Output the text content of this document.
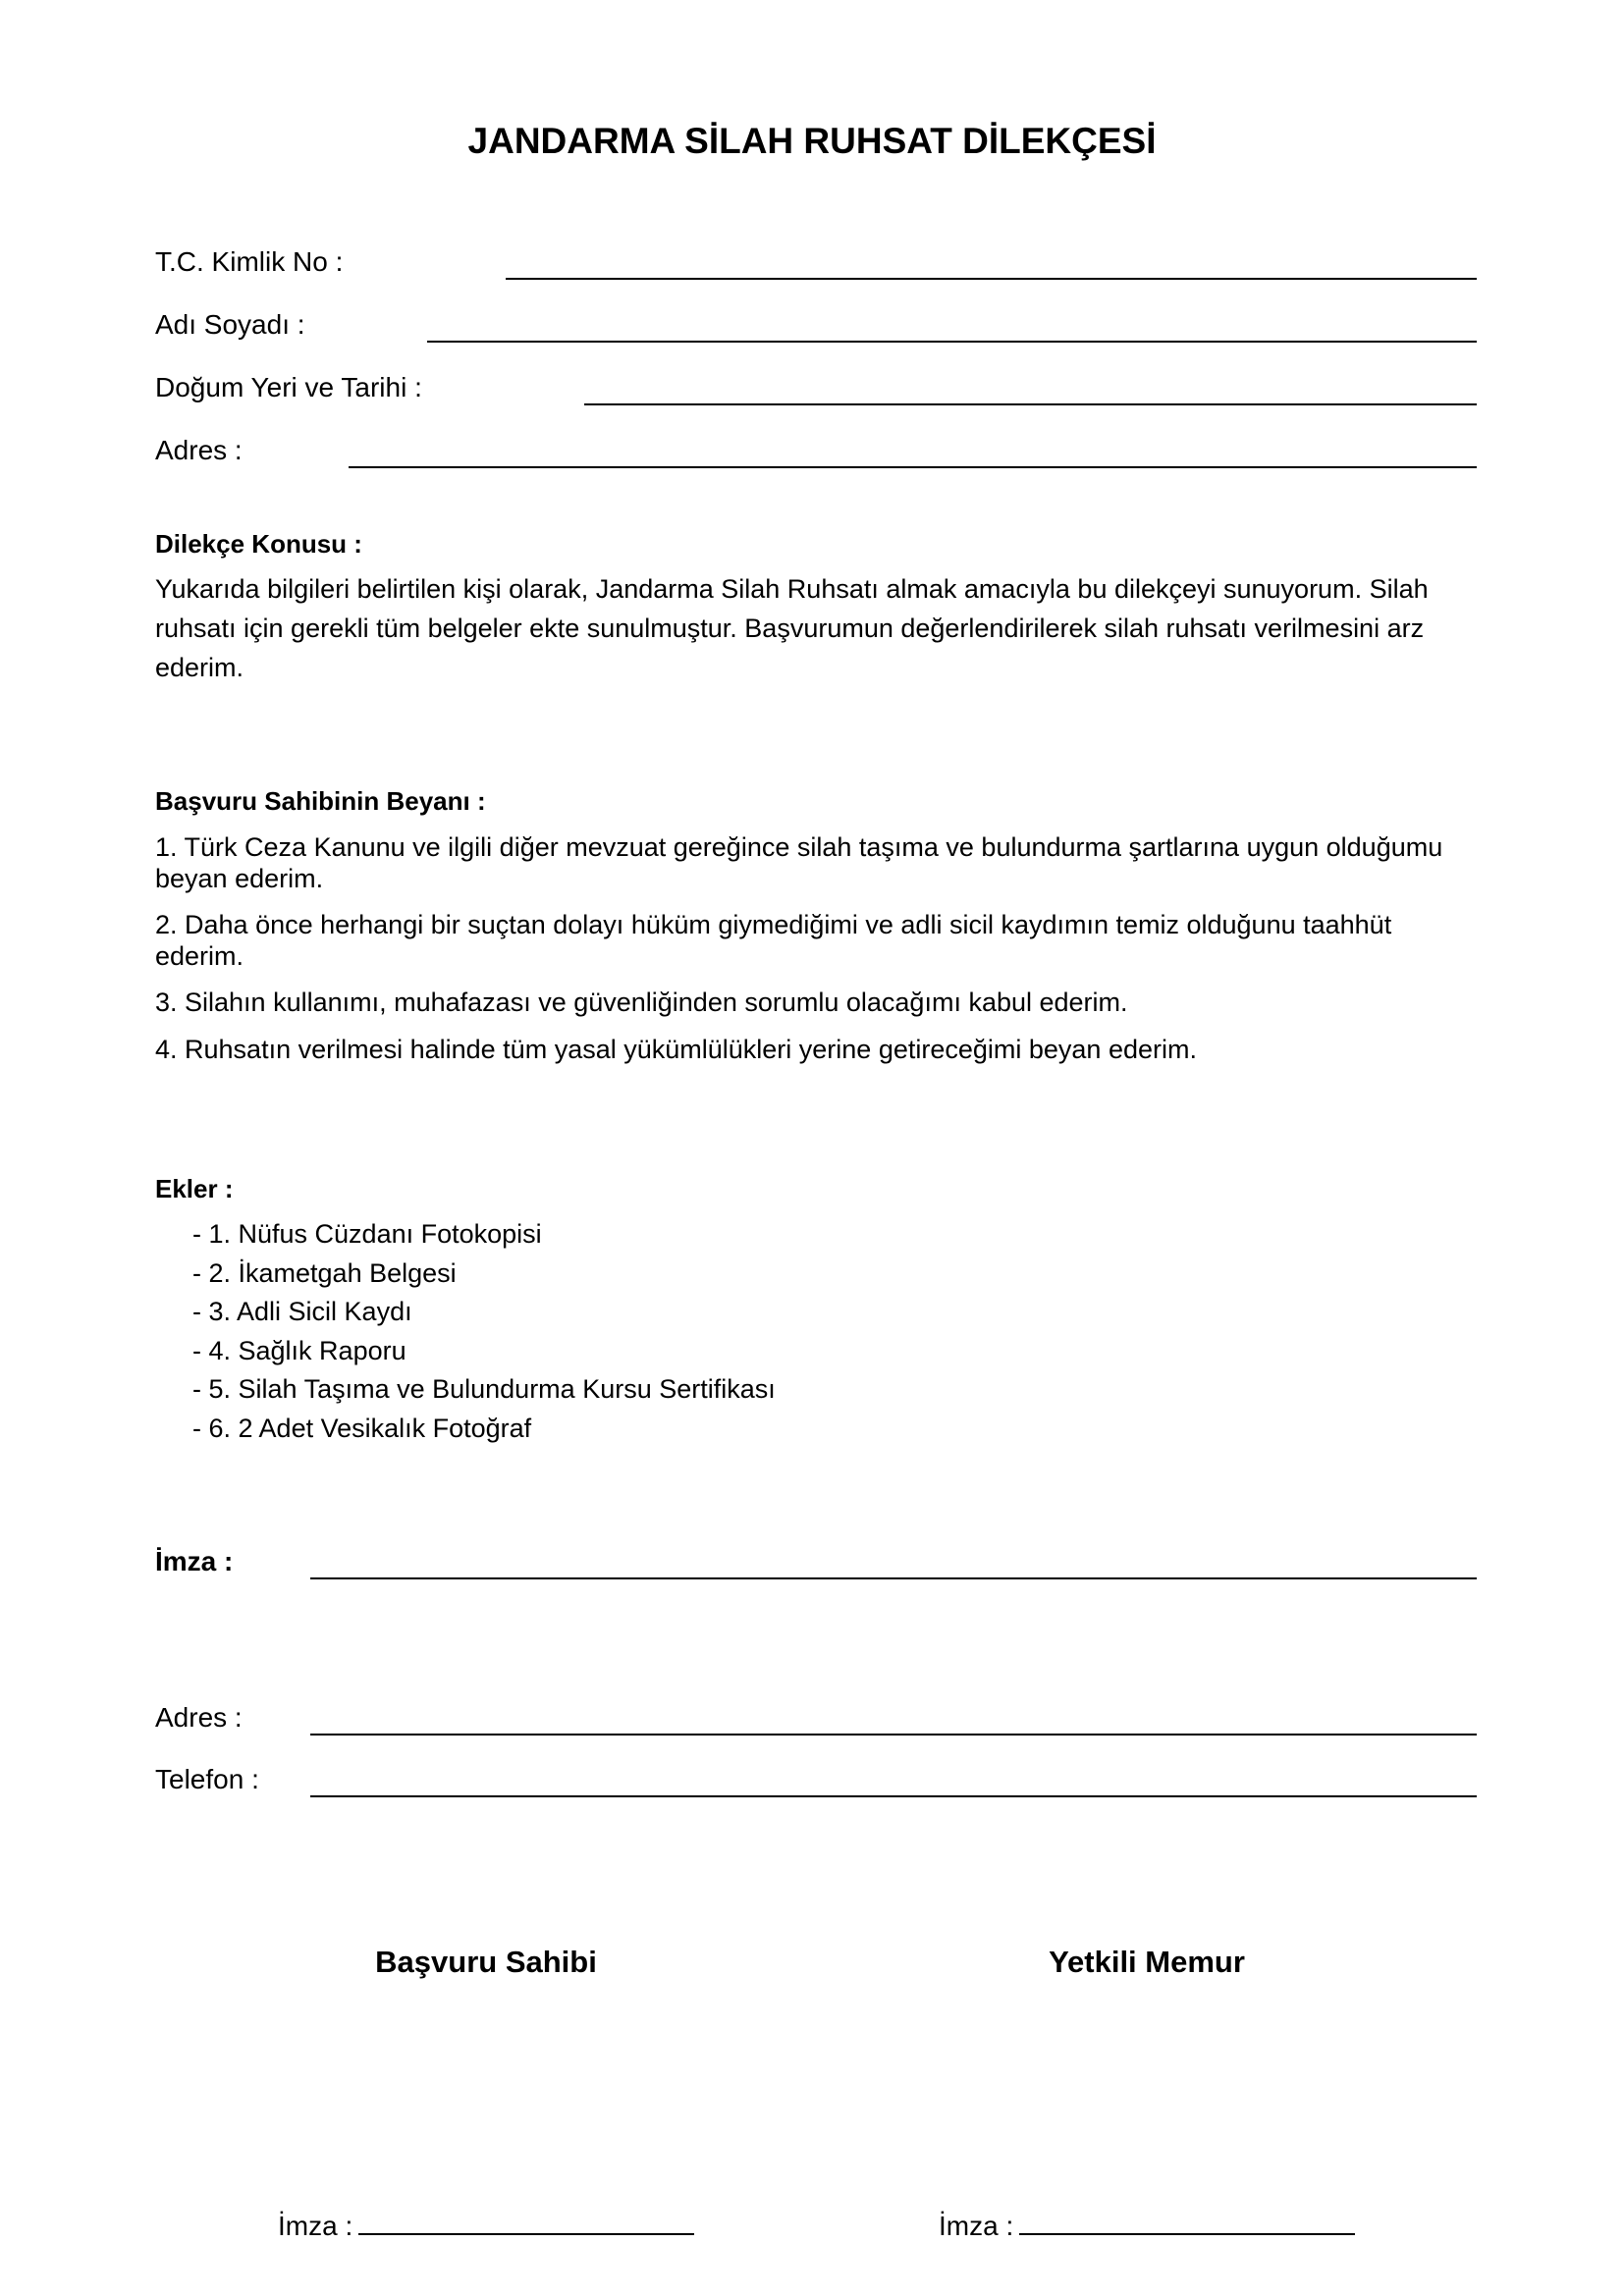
JANDARMA SİLAH RUHSAT DİLEKÇESİ
T.C. Kimlik No :
Adı Soyadı :
Doğum Yeri ve Tarihi :
Adres :
Dilekçe Konusu :

Yukarıda bilgileri belirtilen kişi olarak, Jandarma Silah Ruhsatı almak amacıyla bu dilekçeyi sunuyorum. Silah ruhsatı için gerekli tüm belgeler ekte sunulmuştur. Başvurumun değerlendirilerek silah ruhsatı verilmesini arz ederim.

Başvuru Sahibinin Beyanı :

1. Türk Ceza Kanunu ve ilgili diğer mevzuat gereğince silah taşıma ve bulundurma şartlarına uygun olduğumu beyan ederim.

2. Daha önce herhangi bir suçtan dolayı hüküm giymediğimi ve adli sicil kaydımın temiz olduğunu taahhüt ederim.

3. Silahın kullanımı, muhafazası ve güvenliğinden sorumlu olacağımı kabul ederim.

4. Ruhsatın verilmesi halinde tüm yasal yükümlülükleri yerine getireceğimi beyan ederim.

Ekler :
- 1. Nüfus Cüzdanı Fotokopisi
- 2. İkametgah Belgesi
- 3. Adli Sicil Kaydı
- 4. Sağlık Raporu
- 5. Silah Taşıma ve Bulundurma Kursu Sertifikası
- 6. 2 Adet Vesikalık Fotoğraf
İmza :
Adres :
Telefon :
Başvuru Sahibi	Yetkili Memur
İmza :	İmza :
